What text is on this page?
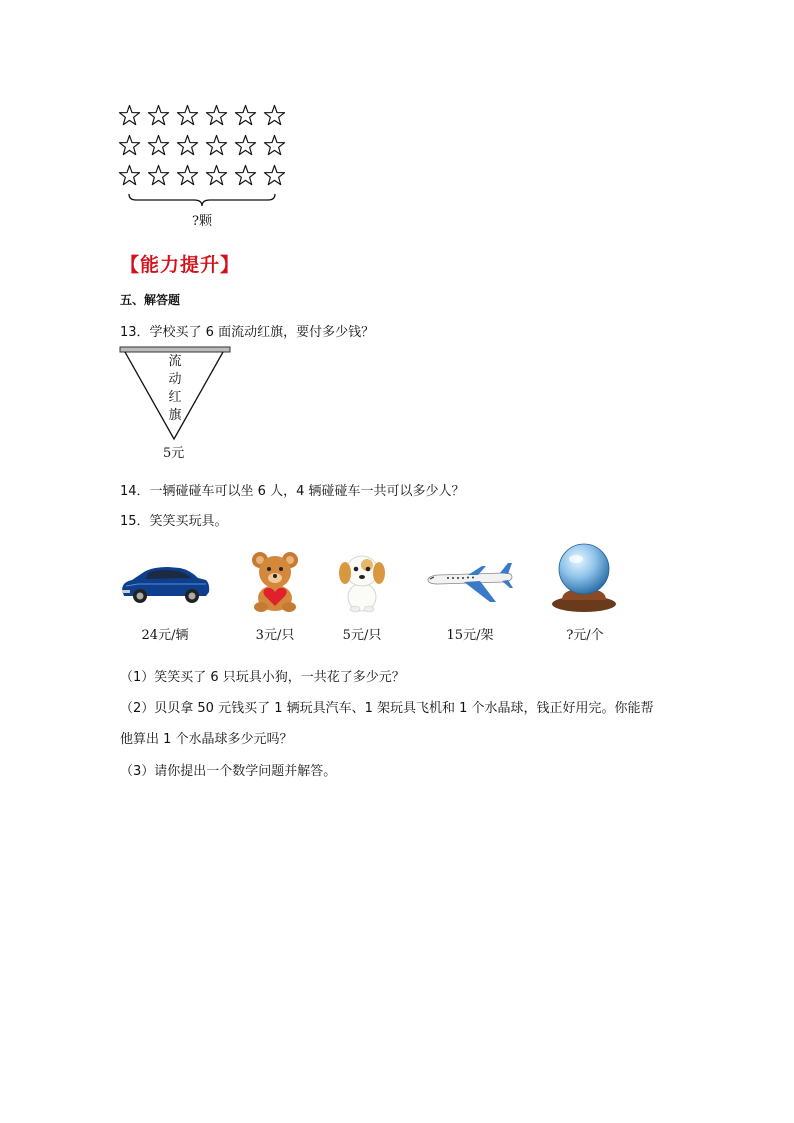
?颗
【能力提升】
五、解答题
13．学校买了 6 面流动红旗，要付多少钱？
流
动
红
旗
5元
14．一辆碰碰车可以坐 6 人，4 辆碰碰车一共可以多少人？
15．笑笑买玩具。
24元/辆	3元/只	5元/只	15元/架	?元/个
（1）笑笑买了 6 只玩具小狗，一共花了多少元？
（2）贝贝拿 50 元钱买了 1 辆玩具汽车、1 架玩具飞机和 1 个水晶球，钱正好用完。你能帮
他算出 1 个水晶球多少元吗？
（3）请你提出一个数学问题并解答。
